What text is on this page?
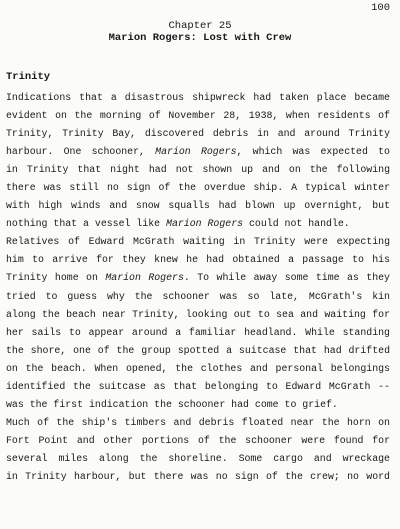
100
Chapter 25
Marion Rogers: Lost with Crew
Trinity
Indications that a disastrous shipwreck had taken place became
evident on the morning of November 28, 1938, when residents of
Trinity, Trinity Bay, discovered debris in and around Trinity
harbour. One schooner, Marion Rogers, which was expected to
in Trinity that night had not shown up and on the following
there was still no sign of the overdue ship. A typical winter
with high winds and snow squalls had blown up overnight, but
nothing that a vessel like Marion Rogers could not handle.
Relatives of Edward McGrath waiting in Trinity were expecting
him to arrive for they knew he had obtained a passage to his
Trinity home on Marion Rogers. To while away some time as they
tried to guess why the schooner was so late, McGrath's kin
along the beach near Trinity, looking out to sea and waiting for
her sails to appear around a familiar headland. While standing
the shore, one of the group spotted a suitcase that had drifted
on the beach. When opened, the clothes and personal belongings
identified the suitcase as that belonging to Edward McGrath --
was the first indication the schooner had come to grief.
Much of the ship's timbers and debris floated near the horn on
Fort Point and other portions of the schooner were found for
several miles along the shoreline. Some cargo and wreckage
in Trinity harbour, but there was no sign of the crew; no word
